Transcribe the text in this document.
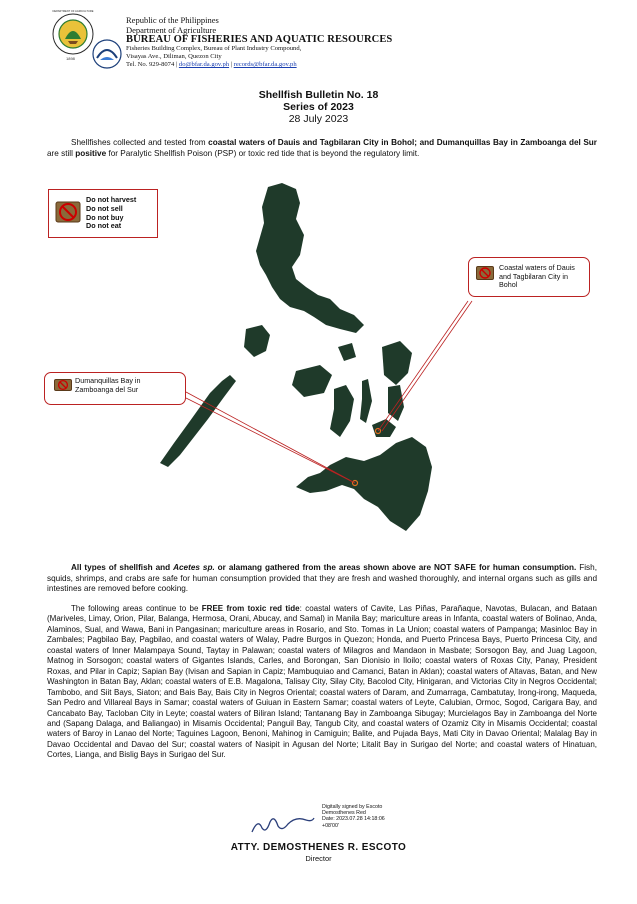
DEPARTMENT OF AGRICULTURE
1898
Republic of the Philippines
Department of Agriculture
BUREAU OF FISHERIES AND AQUATIC RESOURCES
Fisheries Building Complex, Bureau of Plant Industry Compound,
Visayas Ave., Diliman, Quezon City
Tel. No. 929-8074 | do@bfar.da.gov.ph | records@bfar.da.gov.ph
Shellfish Bulletin No. 18
Series of 2023
28 July 2023
Shellfishes collected and tested from coastal waters of Dauis and Tagbilaran City in Bohol; and Dumanquillas Bay in Zamboanga del Sur are still positive for Paralytic Shellfish Poison (PSP) or toxic red tide that is beyond the regulatory limit.
Do not harvest
Do not sell
Do not buy
Do not eat
Coastal waters of Dauis and Tagbilaran City in Bohol
Dumanquillas Bay in Zamboanga del Sur
All types of shellfish and Acetes sp. or alamang gathered from the areas shown above are NOT SAFE for human consumption. Fish, squids, shrimps, and crabs are safe for human consumption provided that they are fresh and washed thoroughly, and internal organs such as gills and intestines are removed before cooking.
The following areas continue to be FREE from toxic red tide: coastal waters of Cavite, Las Piñas, Parañaque, Navotas, Bulacan, and Bataan (Mariveles, Limay, Orion, Pilar, Balanga, Hermosa, Orani, Abucay, and Samal) in Manila Bay; mariculture areas in Infanta, coastal waters of Bolinao, Anda, Alaminos, Sual, and Wawa, Bani in Pangasinan; mariculture areas in Rosario, and Sto. Tomas in La Union; coastal waters of Pampanga; Masinloc Bay in Zambales; Pagbilao Bay, Pagbilao, and coastal waters of Walay, Padre Burgos in Quezon; Honda, and Puerto Princesa Bays, Puerto Princesa City, and coastal waters of Inner Malampaya Sound, Taytay in Palawan; coastal waters of Milagros and Mandaon in Masbate; Sorsogon Bay, and Juag Lagoon, Matnog in Sorsogon; coastal waters of Gigantes Islands, Carles, and Borongan, San Dionisio in Iloilo; coastal waters of Roxas City, Panay, President Roxas, and Pilar in Capiz; Sapian Bay (Ivisan and Sapian in Capiz; Mambuquiao and Camanci, Batan in Aklan); coastal waters of Altavas, Batan, and New Washington in Batan Bay, Aklan; coastal waters of E.B. Magalona, Talisay City, Silay City, Bacolod City, Hinigaran, and Victorias City in Negros Occidental; Tambobo, and Siit Bays, Siaton; and Bais Bay, Bais City in Negros Oriental; coastal waters of Daram, and Zumarraga, Cambatutay, Irong-irong, Maqueda, San Pedro and Villareal Bays in Samar; coastal waters of Guiuan in Eastern Samar; coastal waters of Leyte, Calubian, Ormoc, Sogod, Carigara Bay, and Cancabato Bay, Tacloban City in Leyte; coastal waters of Biliran Island; Tantanang Bay in Zamboanga Sibugay; Murcielagos Bay in Zamboanga del Norte and (Sapang Dalaga, and Baliangao) in Misamis Occidental; Panguil Bay, Tangub City, and coastal waters of Ozamiz City in Misamis Occidental; coastal waters of Baroy in Lanao del Norte; Taguines Lagoon, Benoni, Mahinog in Camiguin; Balite, and Pujada Bays, Mati City in Davao Oriental; Malalag Bay in Davao Occidental and Davao del Sur; coastal waters of Nasipit in Agusan del Norte; Litalit Bay in Surigao del Norte; and coastal waters of Hinatuan, Cortes, Lianga, and Bislig Bays in Surigao del Sur.
Digitally signed by Escoto
Demosthenes Red
Date: 2023.07.28 14:18:06
+08'00'
ATTY. DEMOSTHENES R. ESCOTO
Director
